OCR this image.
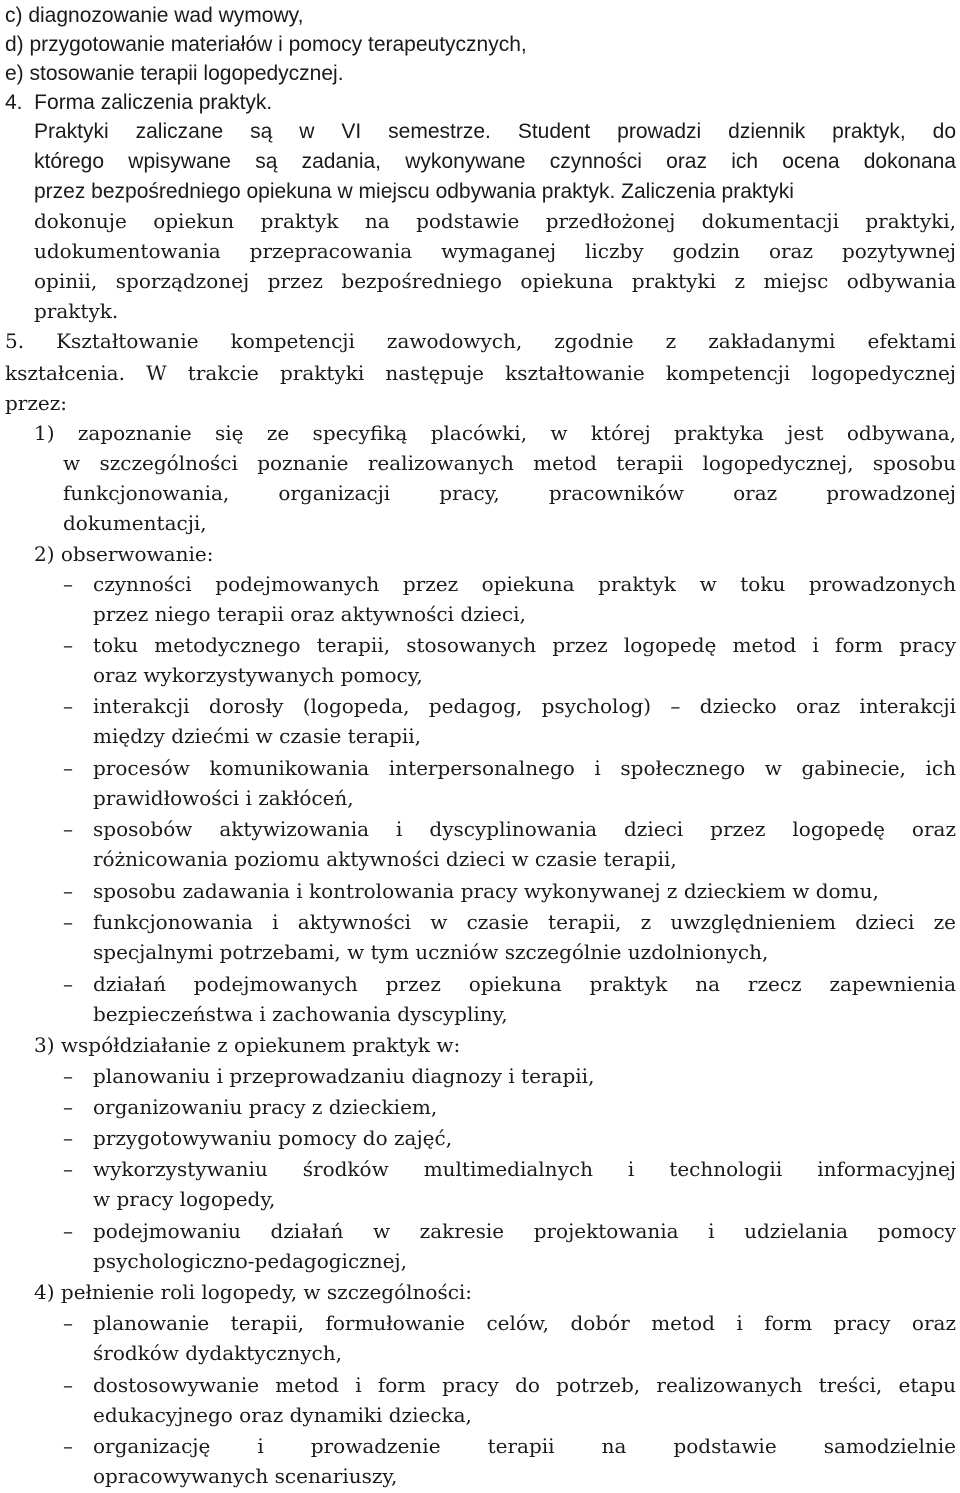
c) diagnozowanie wad wymowy,
d) przygotowanie materiałów i pomocy terapeutycznych,
e) stosowanie terapii logopedycznej.
4.  Forma zaliczenia praktyk.
Praktyki zaliczane są w VI semestrze. Student prowadzi dziennik praktyk, do
którego wpisywane są zadania, wykonywane czynności oraz ich ocena dokonana
przez bezpośredniego opiekuna w miejscu odbywania praktyk. Zaliczenia praktyki
dokonuje opiekun praktyk na podstawie przedłożonej dokumentacji praktyki,
udokumentowania przepracowania wymaganej liczby godzin oraz pozytywnej
opinii, sporządzonej przez bezpośredniego opiekuna praktyki z miejsc odbywania
praktyk.
5. Kształtowanie kompetencji zawodowych, zgodnie z zakładanymi efektami
kształcenia. W trakcie praktyki następuje kształtowanie kompetencji logopedycznej
przez:
1) zapoznanie się ze specyfiką placówki, w której praktyka jest odbywana,
w szczególności poznanie realizowanych metod terapii logopedycznej, sposobu
funkcjonowania, organizacji pracy, pracowników oraz prowadzonej
dokumentacji,
2) obserwowanie:
– czynności podejmowanych przez opiekuna praktyk w toku prowadzonych
przez niego terapii oraz aktywności dzieci,
– toku metodycznego terapii, stosowanych przez logopedę metod i form pracy
oraz wykorzystywanych pomocy,
– interakcji dorosły (logopeda, pedagog, psycholog) – dziecko oraz interakcji
między dziećmi w czasie terapii,
– procesów komunikowania interpersonalnego i społecznego w gabinecie, ich
prawidłowości i zakłóceń,
– sposobów aktywizowania i dyscyplinowania dzieci przez logopedę oraz
różnicowania poziomu aktywności dzieci w czasie terapii,
– sposobu zadawania i kontrolowania pracy wykonywanej z dzieckiem w domu,
– funkcjonowania i aktywności w czasie terapii, z uwzględnieniem dzieci ze
specjalnymi potrzebami, w tym uczniów szczególnie uzdolnionych,
– działań podejmowanych przez opiekuna praktyk na rzecz zapewnienia
bezpieczeństwa i zachowania dyscypliny,
3) współdziałanie z opiekunem praktyk w:
– planowaniu i przeprowadzaniu diagnozy i terapii,
– organizowaniu pracy z dzieckiem,
– przygotowywaniu pomocy do zajęć,
– wykorzystywaniu środków multimedialnych i technologii informacyjnej
w pracy logopedy,
– podejmowaniu działań w zakresie projektowania i udzielania pomocy
psychologiczno-pedagogicznej,
4) pełnienie roli logopedy, w szczególności:
– planowanie terapii, formułowanie celów, dobór metod i form pracy oraz
środków dydaktycznych,
– dostosowywanie metod i form pracy do potrzeb, realizowanych treści, etapu
edukacyjnego oraz dynamiki dziecka,
– organizację i prowadzenie terapii na podstawie samodzielnie
opracowywanych scenariuszy,
